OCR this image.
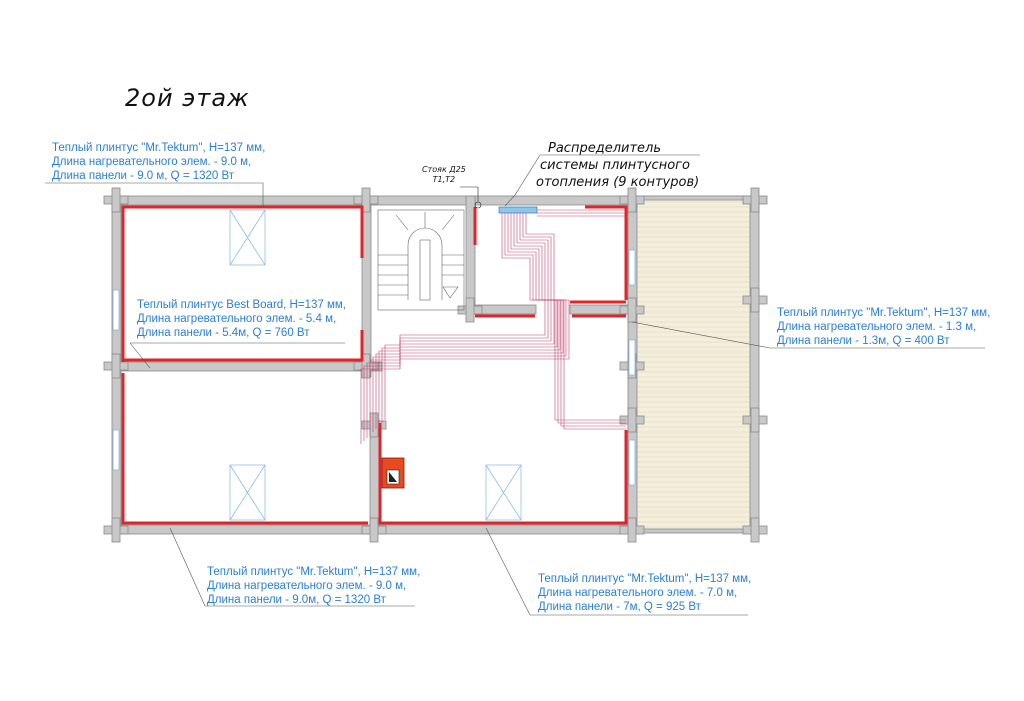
2ой этаж
Распределитель
системы плинтусного
отопления (9 контуров)
Стояк Д25
Т1,Т2
Теплый плинтус "Mr.Tektum", H=137 мм,
Длина нагревательного элем. - 9.0 м,
Длина панели - 9.0 м, Q = 1320 Вт
Теплый плинтус Best Board, H=137 мм,
Длина нагревательного элем. - 5.4 м,
Длина панели - 5.4м, Q = 760 Вт
Теплый плинтус "Mr.Tektum", H=137 мм,
Длина нагревательного элем. - 1.3 м,
Длина панели - 1.3м, Q = 400 Вт
Теплый плинтус "Mr.Tektum", H=137 мм,
Длина нагревательного элем. - 9.0 м,
Длина панели - 9.0м, Q = 1320 Вт
Теплый плинтус "Mr.Tektum", H=137 мм,
Длина нагревательного элем. - 7.0 м,
Длина панели - 7м, Q = 925 Вт
